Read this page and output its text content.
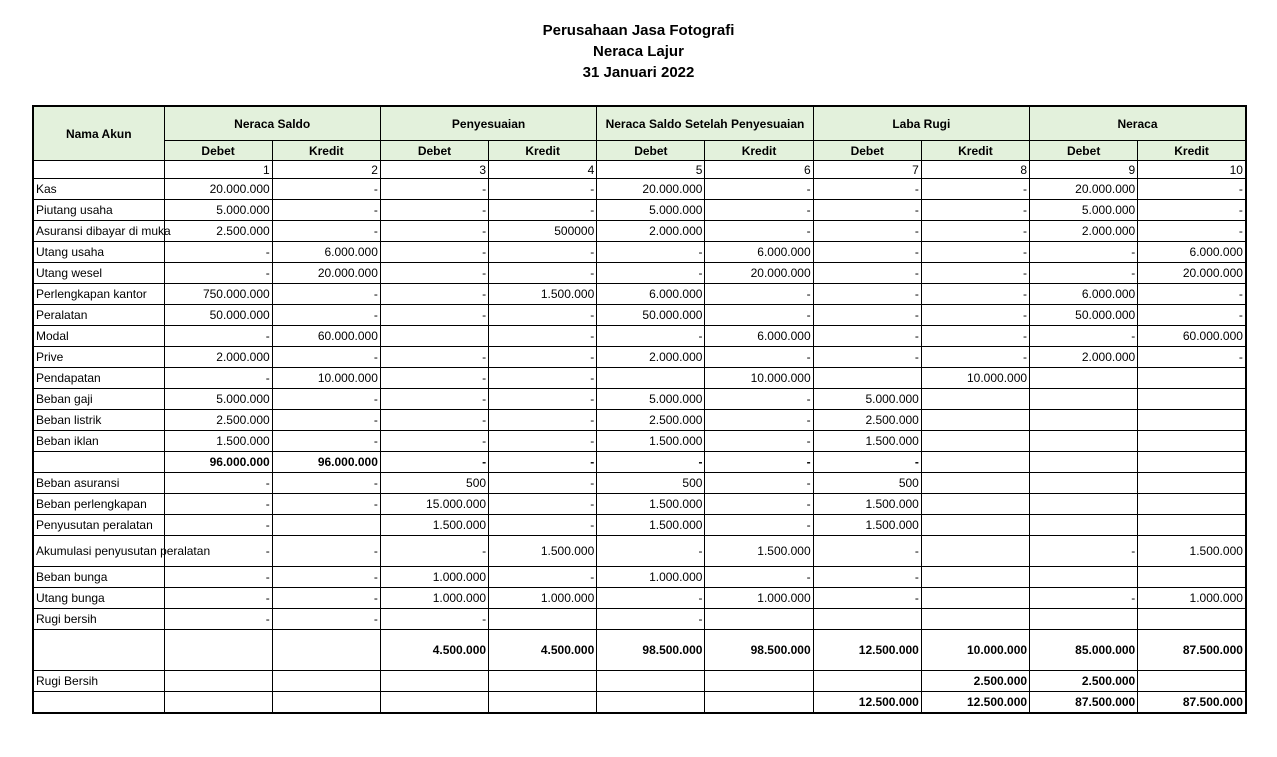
Perusahaan Jasa Fotografi
Neraca Lajur
31 Januari 2022
Nama Akun	Neraca Saldo		Penyesuaian		Neraca Saldo Setelah Penyesuaian		Laba Rugi		Neraca	
	Debet	Kredit	Debet	Kredit	Debet	Kredit	Debet	Kredit	Debet	Kredit
	1	2	3	4	5	6	7	8	9	10
Kas	20.000.000	-	-	-	20.000.000	-	-	-	20.000.000	-
Piutang usaha	5.000.000	-	-	-	5.000.000	-	-	-	5.000.000	-
Asuransi dibayar di muka	2.500.000	-	-	500000	2.000.000	-	-	-	2.000.000	-
Utang usaha	-	6.000.000	-	-	-	6.000.000	-	-	-	6.000.000
Utang wesel	-	20.000.000	-	-	-	20.000.000	-	-	-	20.000.000
Perlengkapan kantor	750.000.000	-	-	1.500.000	6.000.000	-	-	-	6.000.000	-
Peralatan	50.000.000	-	-	-	50.000.000	-	-	-	50.000.000	-
Modal	-	60.000.000		-	-	6.000.000	-	-	-	60.000.000
Prive	2.000.000	-	-	-	2.000.000	-	-	-	2.000.000	-
Pendapatan	-	10.000.000	-	-		10.000.000		10.000.000		
Beban gaji	5.000.000	-	-	-	5.000.000	-	5.000.000			
Beban listrik	2.500.000	-	-	-	2.500.000	-	2.500.000			
Beban iklan	1.500.000	-	-	-	1.500.000	-	1.500.000			
	96.000.000	96.000.000	-	-	-	-	-			
Beban asuransi	-	-	500	-	500	-	500			
Beban perlengkapan	-	-	15.000.000	-	1.500.000	-	1.500.000			
Penyusutan peralatan	-		1.500.000	-	1.500.000	-	1.500.000			
Akumulasi penyusutan peralatan	-	-	-	1.500.000	-	1.500.000	-		-	1.500.000
Beban bunga	-	-	1.000.000	-	1.000.000	-	-			
Utang bunga	-	-	1.000.000	1.000.000	-	1.000.000	-		-	1.000.000
Rugi bersih	-	-	-		-					
			4.500.000	4.500.000	98.500.000	98.500.000	12.500.000	10.000.000	85.000.000	87.500.000
Rugi Bersih								2.500.000	2.500.000	
							12.500.000	12.500.000	87.500.000	87.500.000
